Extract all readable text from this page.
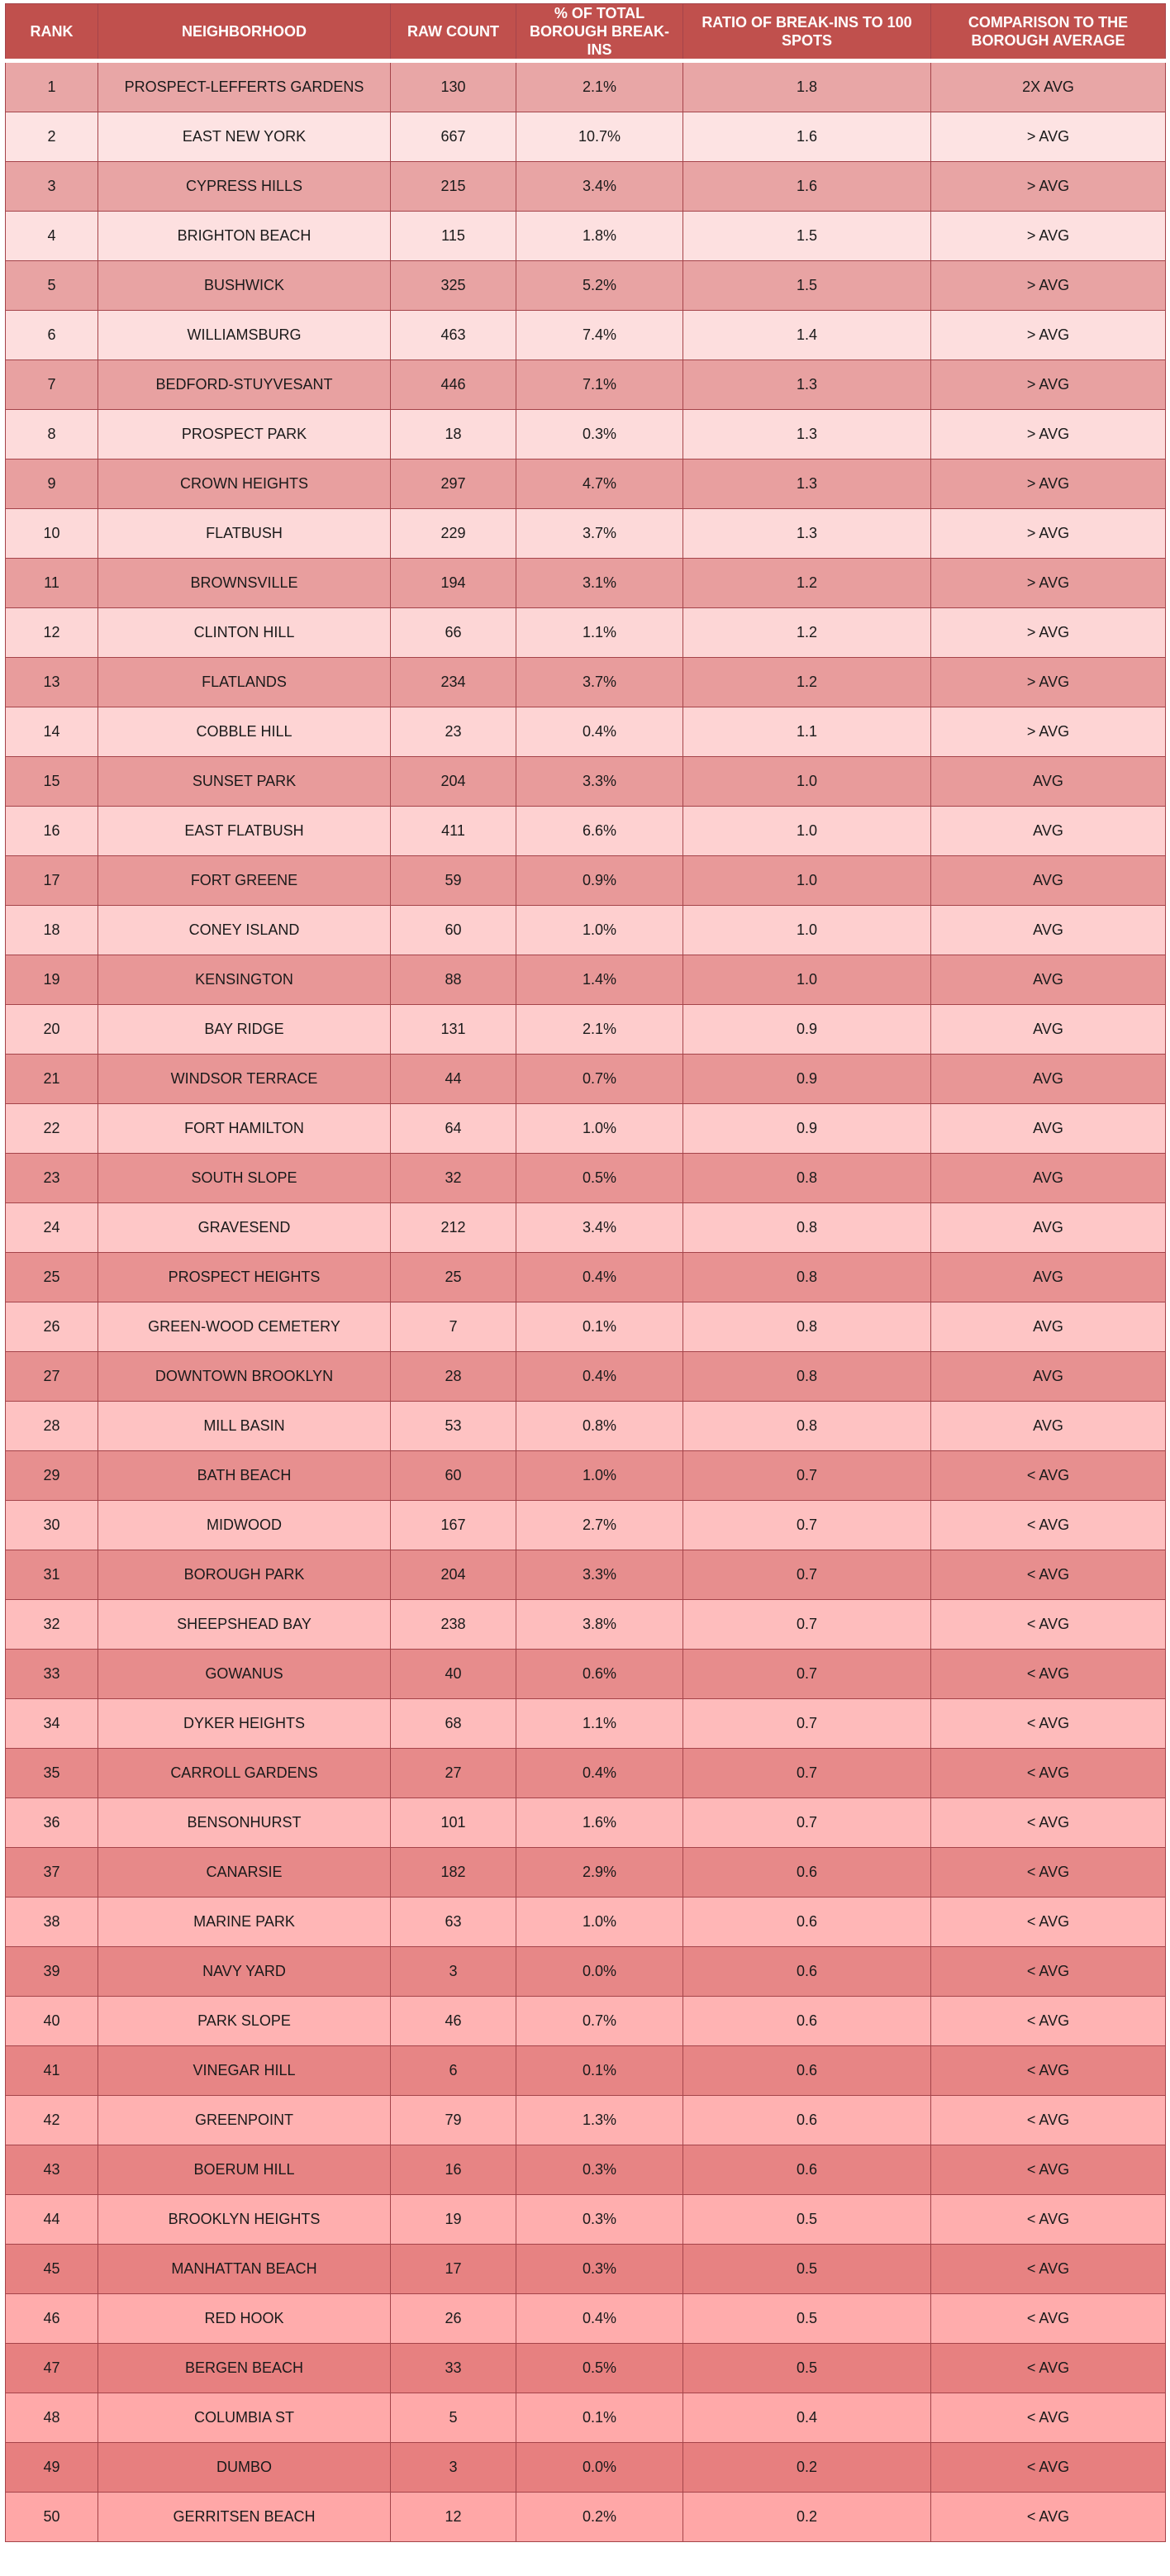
RANK	NEIGHBORHOOD	RAW COUNT	% OF TOTAL BOROUGH BREAK-INS	RATIO OF BREAK-INS TO 100 SPOTS	COMPARISON TO THE BOROUGH AVERAGE
1	PROSPECT-LEFFERTS GARDENS	130	2.1%	1.8	2X AVG
2	EAST NEW YORK	667	10.7%	1.6	> AVG
3	CYPRESS HILLS	215	3.4%	1.6	> AVG
4	BRIGHTON BEACH	115	1.8%	1.5	> AVG
5	BUSHWICK	325	5.2%	1.5	> AVG
6	WILLIAMSBURG	463	7.4%	1.4	> AVG
7	BEDFORD-STUYVESANT	446	7.1%	1.3	> AVG
8	PROSPECT PARK	18	0.3%	1.3	> AVG
9	CROWN HEIGHTS	297	4.7%	1.3	> AVG
10	FLATBUSH	229	3.7%	1.3	> AVG
11	BROWNSVILLE	194	3.1%	1.2	> AVG
12	CLINTON HILL	66	1.1%	1.2	> AVG
13	FLATLANDS	234	3.7%	1.2	> AVG
14	COBBLE HILL	23	0.4%	1.1	> AVG
15	SUNSET PARK	204	3.3%	1.0	AVG
16	EAST FLATBUSH	411	6.6%	1.0	AVG
17	FORT GREENE	59	0.9%	1.0	AVG
18	CONEY ISLAND	60	1.0%	1.0	AVG
19	KENSINGTON	88	1.4%	1.0	AVG
20	BAY RIDGE	131	2.1%	0.9	AVG
21	WINDSOR TERRACE	44	0.7%	0.9	AVG
22	FORT HAMILTON	64	1.0%	0.9	AVG
23	SOUTH SLOPE	32	0.5%	0.8	AVG
24	GRAVESEND	212	3.4%	0.8	AVG
25	PROSPECT HEIGHTS	25	0.4%	0.8	AVG
26	GREEN-WOOD CEMETERY	7	0.1%	0.8	AVG
27	DOWNTOWN BROOKLYN	28	0.4%	0.8	AVG
28	MILL BASIN	53	0.8%	0.8	AVG
29	BATH BEACH	60	1.0%	0.7	< AVG
30	MIDWOOD	167	2.7%	0.7	< AVG
31	BOROUGH PARK	204	3.3%	0.7	< AVG
32	SHEEPSHEAD BAY	238	3.8%	0.7	< AVG
33	GOWANUS	40	0.6%	0.7	< AVG
34	DYKER HEIGHTS	68	1.1%	0.7	< AVG
35	CARROLL GARDENS	27	0.4%	0.7	< AVG
36	BENSONHURST	101	1.6%	0.7	< AVG
37	CANARSIE	182	2.9%	0.6	< AVG
38	MARINE PARK	63	1.0%	0.6	< AVG
39	NAVY YARD	3	0.0%	0.6	< AVG
40	PARK SLOPE	46	0.7%	0.6	< AVG
41	VINEGAR HILL	6	0.1%	0.6	< AVG
42	GREENPOINT	79	1.3%	0.6	< AVG
43	BOERUM HILL	16	0.3%	0.6	< AVG
44	BROOKLYN HEIGHTS	19	0.3%	0.5	< AVG
45	MANHATTAN BEACH	17	0.3%	0.5	< AVG
46	RED HOOK	26	0.4%	0.5	< AVG
47	BERGEN BEACH	33	0.5%	0.5	< AVG
48	COLUMBIA ST	5	0.1%	0.4	< AVG
49	DUMBO	3	0.0%	0.2	< AVG
50	GERRITSEN BEACH	12	0.2%	0.2	< AVG
